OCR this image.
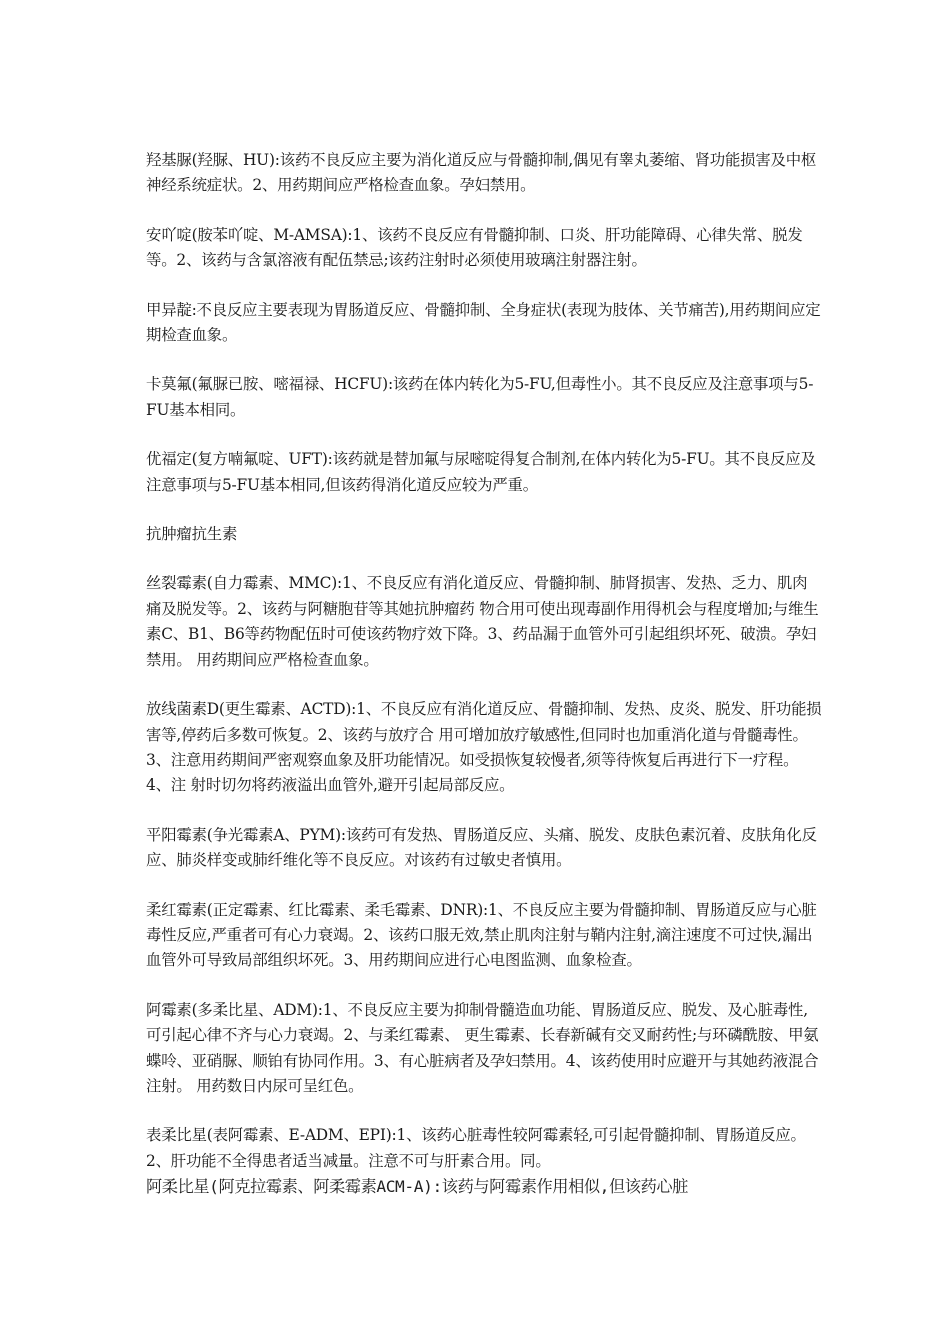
羟基脲(羟脲、HU):该药不良反应主要为消化道反应与骨髓抑制,偶见有睾丸萎缩、肾功能损害及中枢神经系统症状。2、用药期间应严格检查血象。孕妇禁用。

安吖啶(胺苯吖啶、M-AMSA):1、该药不良反应有骨髓抑制、口炎、肝功能障碍、心律失常、脱发等。2、该药与含氯溶液有配伍禁忌;该药注射时必须使用玻璃注射器注射。

甲异靛:不良反应主要表现为胃肠道反应、骨髓抑制、全身症状(表现为肢体、关节痛苦),用药期间应定期检查血象。

卡莫氟(氟脲已胺、嘧福禄、HCFU):该药在体内转化为5-FU,但毒性小。其不良反应及注意事项与5-FU基本相同。

优福定(复方喃氟啶、UFT):该药就是替加氟与尿嘧啶得复合制剂,在体内转化为5-FU。其不良反应及注意事项与5-FU基本相同,但该药得消化道反应较为严重。

抗肿瘤抗生素

丝裂霉素(自力霉素、MMC):1、不良反应有消化道反应、骨髓抑制、肺肾损害、发热、乏力、肌肉痛及脱发等。2、该药与阿糖胞苷等其她抗肿瘤药 物合用可使出现毒副作用得机会与程度增加;与维生素C、B1、B6等药物配伍时可使该药物疗效下降。3、药品漏于血管外可引起组织坏死、破溃。孕妇禁用。 用药期间应严格检查血象。

放线菌素D(更生霉素、ACTD):1、不良反应有消化道反应、骨髓抑制、发热、皮炎、脱发、肝功能损害等,停药后多数可恢复。2、该药与放疗合 用可增加放疗敏感性,但同时也加重消化道与骨髓毒性。3、注意用药期间严密观察血象及肝功能情况。如受损恢复较慢者,须等待恢复后再进行下一疗程。4、注 射时切勿将药液溢出血管外,避开引起局部反应。

平阳霉素(争光霉素A、PYM):该药可有发热、胃肠道反应、头痛、脱发、皮肤色素沉着、皮肤角化反应、肺炎样变或肺纤维化等不良反应。对该药有过敏史者慎用。

柔红霉素(正定霉素、红比霉素、柔毛霉素、DNR):1、不良反应主要为骨髓抑制、胃肠道反应与心脏毒性反应,严重者可有心力衰竭。2、该药口服无效,禁止肌肉注射与鞘内注射,滴注速度不可过快,漏出血管外可导致局部组织坏死。3、用药期间应进行心电图监测、血象检查。

阿霉素(多柔比星、ADM):1、不良反应主要为抑制骨髓造血功能、胃肠道反应、脱发、及心脏毒性,可引起心律不齐与心力衰竭。2、与柔红霉素、 更生霉素、长春新碱有交叉耐药性;与环磷酰胺、甲氨蝶呤、亚硝脲、顺铂有协同作用。3、有心脏病者及孕妇禁用。4、该药使用时应避开与其她药液混合注射。 用药数日内尿可呈红色。

表柔比星(表阿霉素、E-ADM、EPI):1、该药心脏毒性较阿霉素轻,可引起骨髓抑制、胃肠道反应。2、肝功能不全得患者适当减量。注意不可与肝素合用。同。

阿柔比星(阿克拉霉素、阿柔霉素ACM-A):该药与阿霉素作用相似,但该药心脏
